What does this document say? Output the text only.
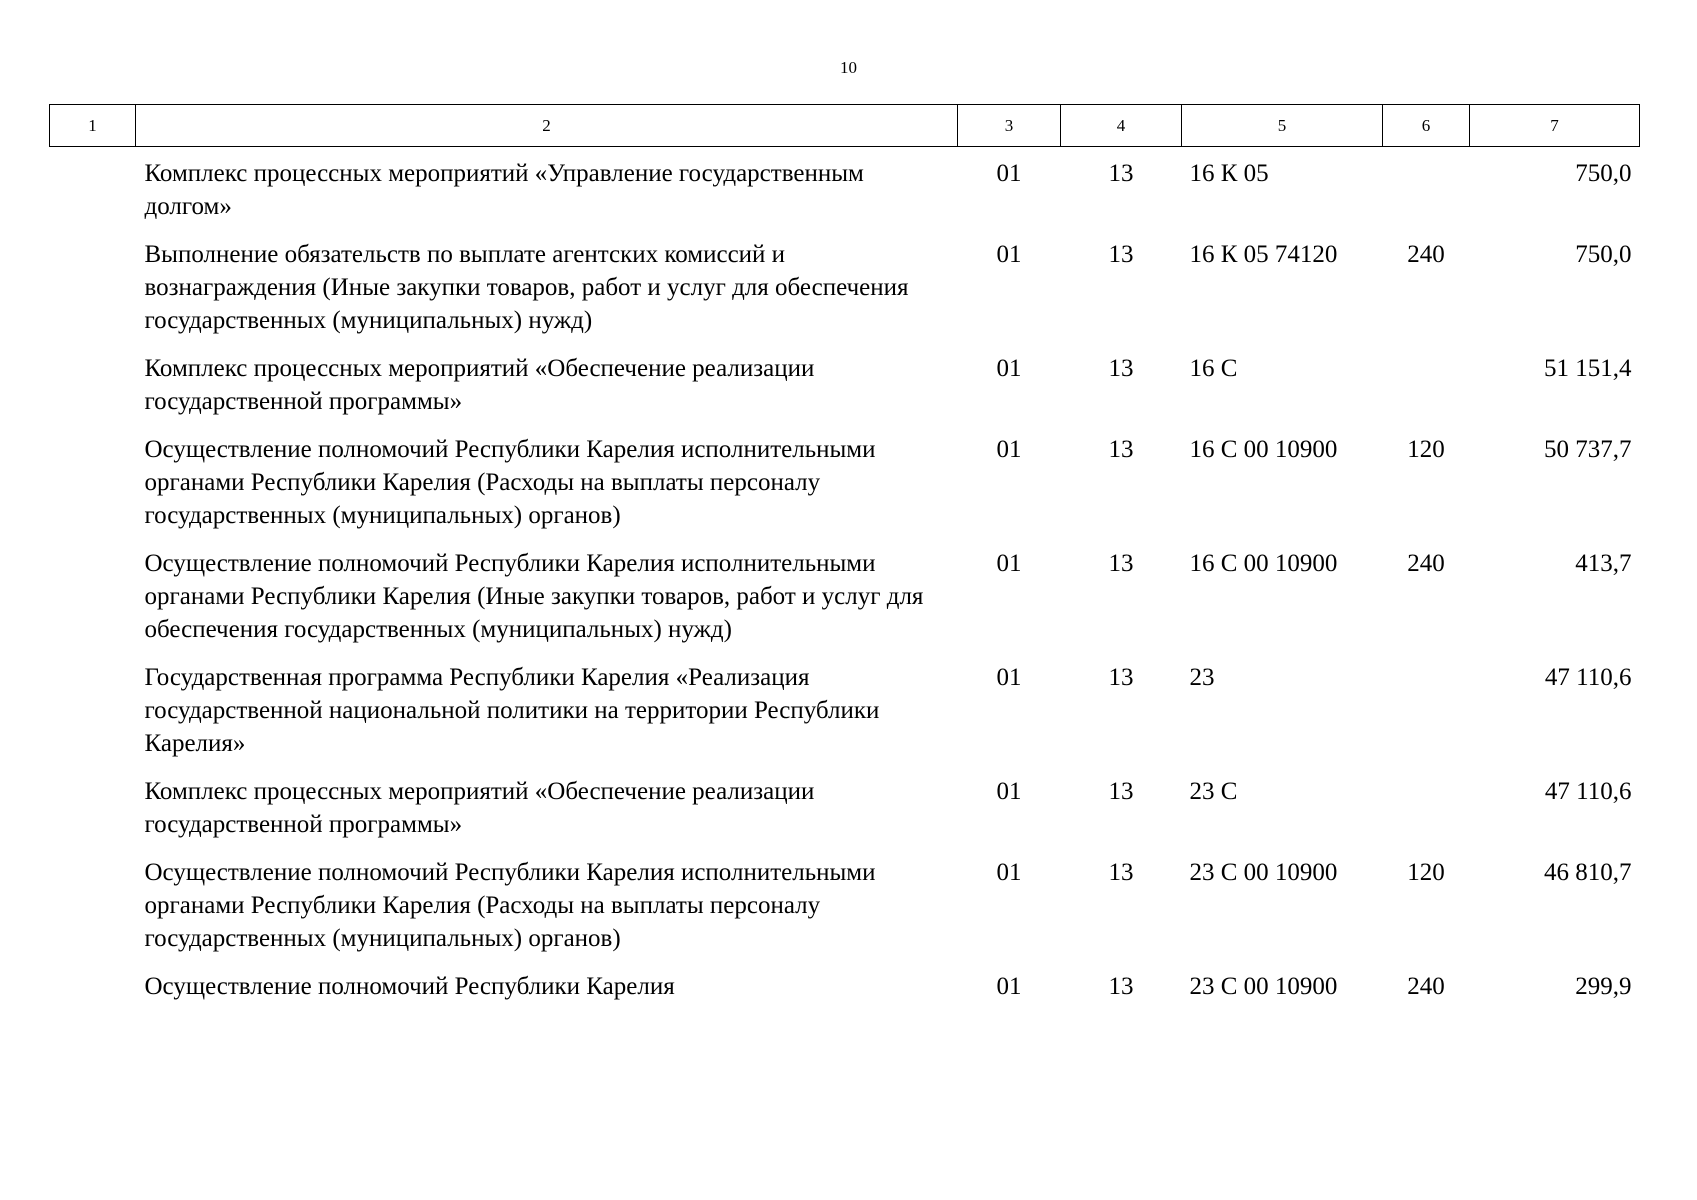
10
1	2	3	4	5	6	7
	Комплекс процессных мероприятий «Управление государственным долгом»	01	13	16 К 05		750,0
	Выполнение обязательств по выплате агентских комиссий и вознаграждения (Иные закупки товаров, работ и услуг для обеспечения государственных (муниципальных) нужд)	01	13	16 К 05 74120	240	750,0
	Комплекс процессных мероприятий «Обеспечение реализации государственной программы»	01	13	16 С		51 151,4
	Осуществление полномочий Республики Карелия исполнительными органами Республики Карелия (Расходы на выплаты персоналу государственных (муниципальных) органов)	01	13	16 С 00 10900	120	50 737,7
	Осуществление полномочий Республики Карелия исполнительными органами Республики Карелия (Иные закупки товаров, работ и услуг для обеспечения государственных (муниципальных) нужд)	01	13	16 С 00 10900	240	413,7
	Государственная программа Республики Карелия «Реализация государственной национальной политики на территории Республики Карелия»	01	13	23		47 110,6
	Комплекс процессных мероприятий «Обеспечение реализации государственной программы»	01	13	23 С		47 110,6
	Осуществление полномочий Республики Карелия исполнительными органами Республики Карелия (Расходы на выплаты персоналу государственных (муниципальных) органов)	01	13	23 С 00 10900	120	46 810,7
	Осуществление полномочий Республики Карелия	01	13	23 С 00 10900	240	299,9
